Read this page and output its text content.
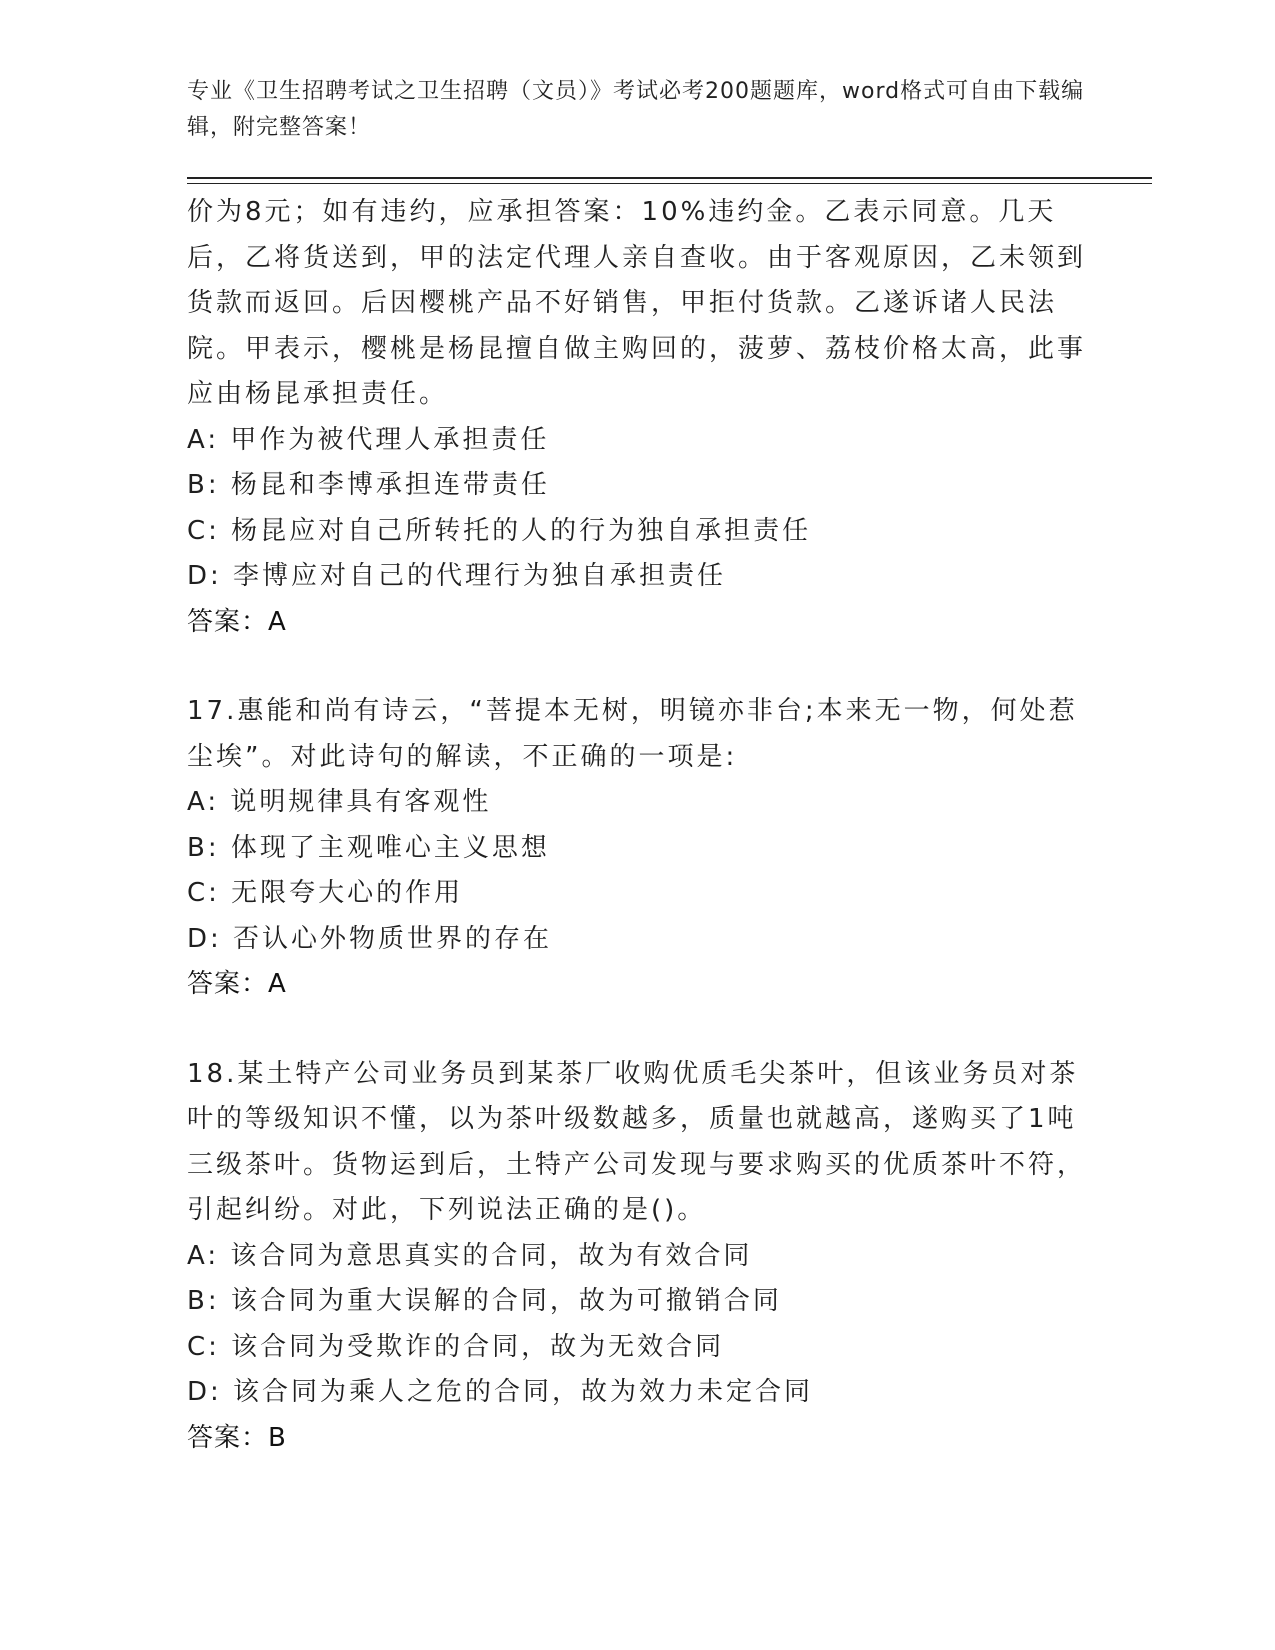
专业《卫生招聘考试之卫生招聘（文员）》考试必考200题题库，word格式可自由下载编辑，附完整答案！

价为8元；如有违约，应承担答案：10%违约金。乙表示同意。几天后，乙将货送到，甲的法定代理人亲自查收。由于客观原因，乙未领到货款而返回。后因樱桃产品不好销售，甲拒付货款。乙遂诉诸人民法院。甲表示，樱桃是杨昆擅自做主购回的，菠萝、荔枝价格太高，此事应由杨昆承担责任。

A: 甲作为被代理人承担责任

B: 杨昆和李博承担连带责任

C: 杨昆应对自己所转托的人的行为独自承担责任

D: 李博应对自己的代理行为独自承担责任

答案：A

17.惠能和尚有诗云，“菩提本无树，明镜亦非台;本来无一物，何处惹尘埃”。对此诗句的解读，不正确的一项是:

A: 说明规律具有客观性

B: 体现了主观唯心主义思想

C: 无限夸大心的作用

D: 否认心外物质世界的存在

答案：A

18.某土特产公司业务员到某茶厂收购优质毛尖茶叶，但该业务员对茶叶的等级知识不懂，以为茶叶级数越多，质量也就越高，遂购买了1吨三级茶叶。货物运到后，土特产公司发现与要求购买的优质茶叶不符，引起纠纷。对此，下列说法正确的是()。

A: 该合同为意思真实的合同，故为有效合同

B: 该合同为重大误解的合同，故为可撤销合同

C: 该合同为受欺诈的合同，故为无效合同

D: 该合同为乘人之危的合同，故为效力未定合同

答案：B
